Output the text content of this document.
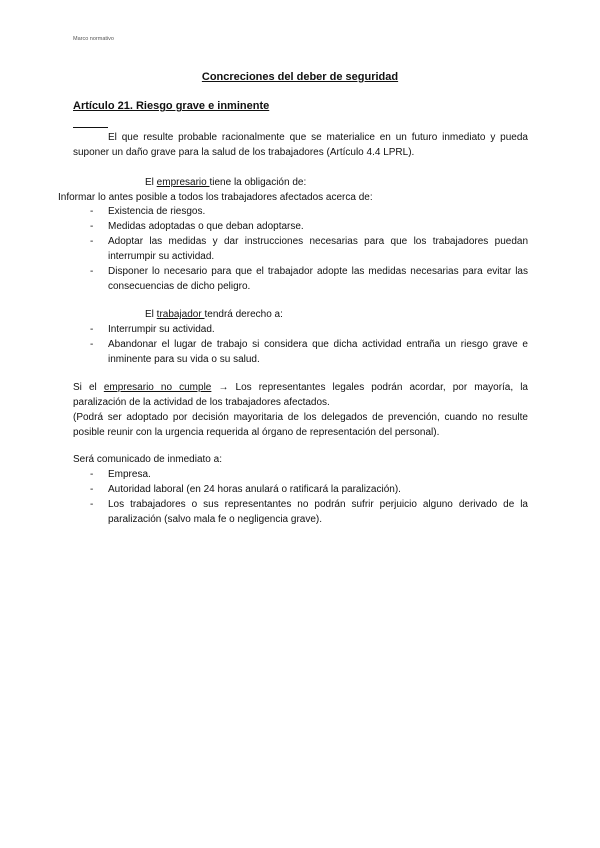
Marco normativo
Concreciones del deber de seguridad
Artículo 21. Riesgo grave e inminente

El que resulte probable racionalmente que se materialice en un futuro inmediato y pueda suponer un daño grave para la salud de los trabajadores (Artículo 4.4 LPRL).

El empresario tiene la obligación de:

Informar lo antes posible a todos los trabajadores afectados acerca de:

- Existencia de riesgos.
- Medidas adoptadas o que deban adoptarse.
- Adoptar las medidas y dar instrucciones necesarias para que los trabajadores puedan interrumpir su actividad.
- Disponer lo necesario para que el trabajador adopte las medidas necesarias para evitar las consecuencias de dicho peligro.

El trabajador tendrá derecho a:

- Interrumpir su actividad.
- Abandonar el lugar de trabajo si considera que dicha actividad entraña un riesgo grave e inminente para su vida o su salud.

Si el empresario no cumple → Los representantes legales podrán acordar, por mayoría, la paralización de la actividad de los trabajadores afectados.

(Podrá ser adoptado por decisión mayoritaria de los delegados de prevención, cuando no resulte posible reunir con la urgencia requerida al órgano de representación del personal).

Será comunicado de inmediato a:

- Empresa.
- Autoridad laboral (en 24 horas anulará o ratificará la paralización).
- Los trabajadores o sus representantes no podrán sufrir perjuicio alguno derivado de la paralización (salvo mala fe o negligencia grave).
